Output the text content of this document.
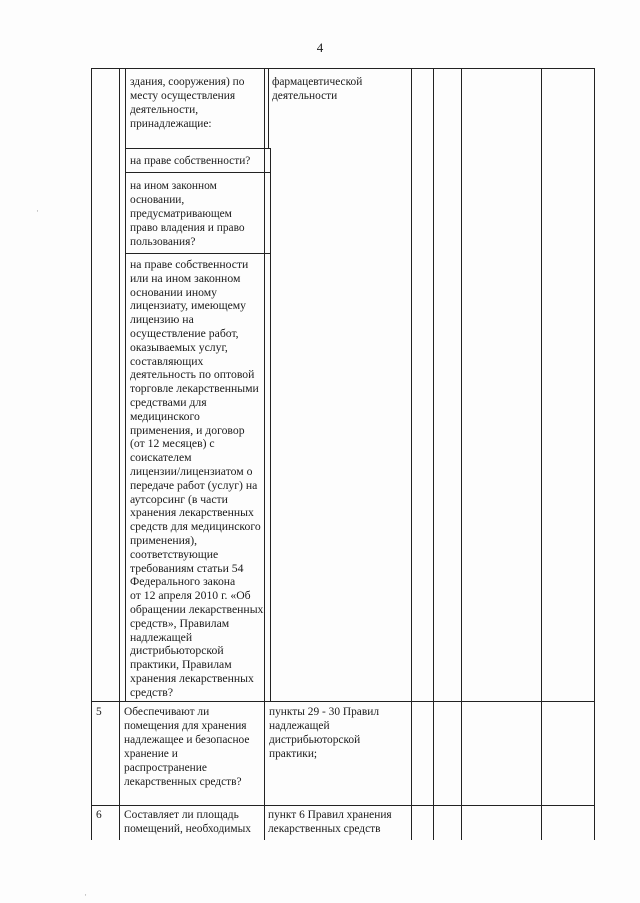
4
здания, сооружения) по
месту осуществления
деятельности,
принадлежащие:
на праве собственности?
на ином законном
основании,
предусматривающем
право владения и право
пользования?
на праве собственности
или на ином законном
основании иному
лицензиату, имеющему
лицензию на
осуществление работ,
оказываемых услуг,
составляющих
деятельность по оптовой
торговле лекарственными
средствами для
медицинского
применения, и договор
(от 12 месяцев) с
соискателем
лицензии/лицензиатом о
передаче работ (услуг) на
аутсорсинг (в части
хранения лекарственных
средств для медицинского
применения),
соответствующие
требованиям статьи 54
Федерального закона
от 12 апреля 2010 г. «Об
обращении лекарственных
средств», Правилам
надлежащей
дистрибьюторской
практики, Правилам
хранения лекарственных
средств?
фармацевтической
деятельности
5 Обеспечивают ли
помещения для хранения
надлежащее и безопасное
хранение и
распространение
лекарственных средств?
пункты 29 - 30 Правил
надлежащей
дистрибьюторской
практики;
6 Составляет ли площадь
помещений, необходимых
пункт 6 Правил хранения
лекарственных средств
·
·
